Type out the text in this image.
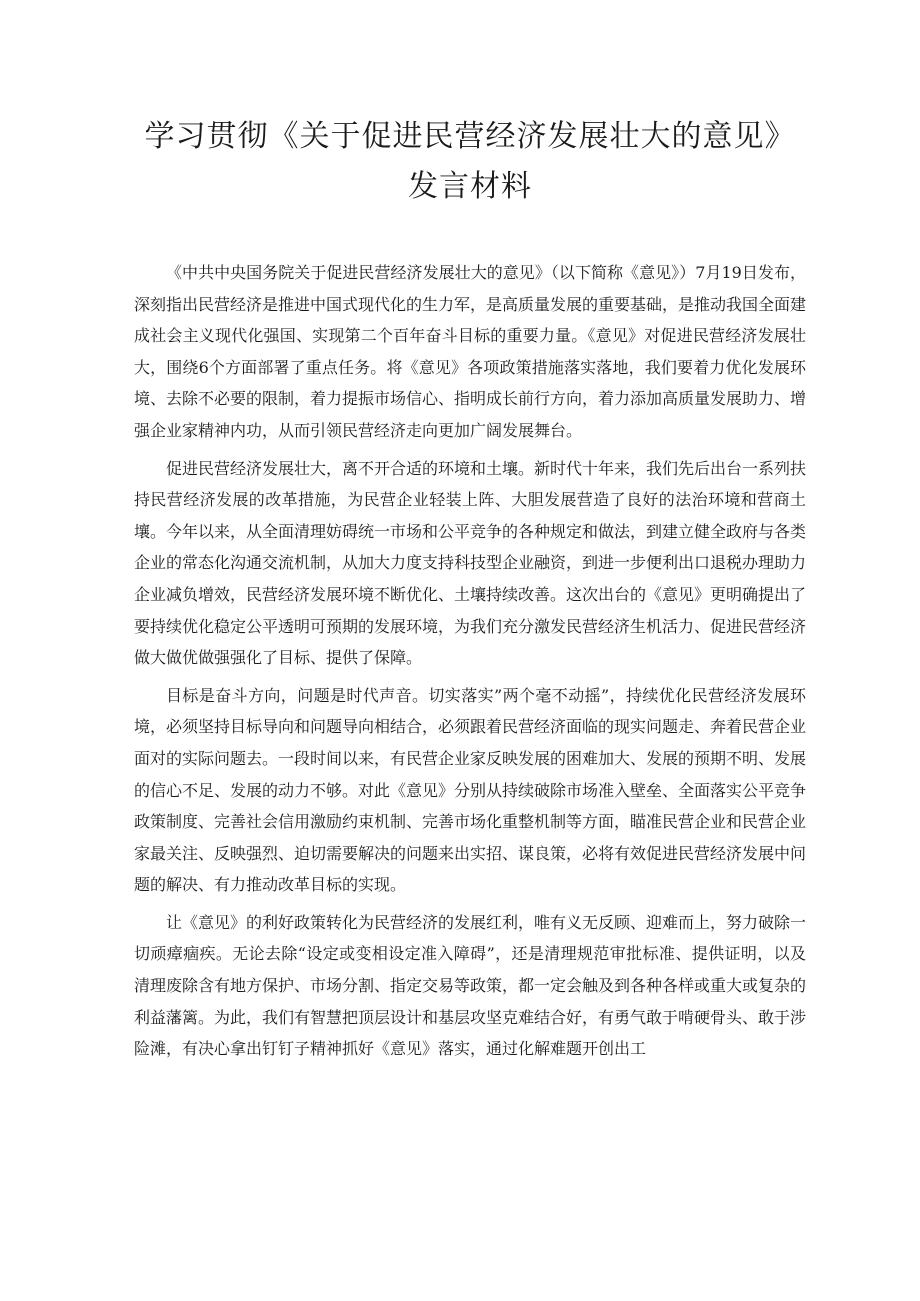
学习贯彻《关于促进民营经济发展壮大的意见》发言材料

《中共中央国务院关于促进民营经济发展壮大的意见》（以下简称《意见》）7月19日发布，深刻指出民营经济是推进中国式现代化的生力军，是高质量发展的重要基础，是推动我国全面建成社会主义现代化强国、实现第二个百年奋斗目标的重要力量。《意见》对促进民营经济发展壮大，围绕6个方面部署了重点任务。将《意见》各项政策措施落实落地，我们要着力优化发展环境、去除不必要的限制，着力提振市场信心、指明成长前行方向，着力添加高质量发展助力、增强企业家精神内功，从而引领民营经济走向更加广阔发展舞台。

促进民营经济发展壮大，离不开合适的环境和土壤。新时代十年来，我们先后出台一系列扶持民营经济发展的改革措施，为民营企业轻装上阵、大胆发展营造了良好的法治环境和营商土壤。今年以来，从全面清理妨碍统一市场和公平竞争的各种规定和做法，到建立健全政府与各类企业的常态化沟通交流机制，从加大力度支持科技型企业融资，到进一步便利出口退税办理助力企业减负增效，民营经济发展环境不断优化、土壤持续改善。这次出台的《意见》更明确提出了要持续优化稳定公平透明可预期的发展环境，为我们充分激发民营经济生机活力、促进民营经济做大做优做强强化了目标、提供了保障。

目标是奋斗方向，问题是时代声音。切实落实”两个毫不动摇”，持续优化民营经济发展环境，必须坚持目标导向和问题导向相结合，必须跟着民营经济面临的现实问题走、奔着民营企业面对的实际问题去。一段时间以来，有民营企业家反映发展的困难加大、发展的预期不明、发展的信心不足、发展的动力不够。对此《意见》分别从持续破除市场准入壁垒、全面落实公平竞争政策制度、完善社会信用激励约束机制、完善市场化重整机制等方面，瞄准民营企业和民营企业家最关注、反映强烈、迫切需要解决的问题来出实招、谋良策，必将有效促进民营经济发展中问题的解决、有力推动改革目标的实现。

让《意见》的利好政策转化为民营经济的发展红利，唯有义无反顾、迎难而上，努力破除一切顽瘴痼疾。无论去除“设定或变相设定准入障碍”，还是清理规范审批标准、提供证明，以及清理废除含有地方保护、市场分割、指定交易等政策，都一定会触及到各种各样或重大或复杂的利益藩篱。为此，我们有智慧把顶层设计和基层攻坚克难结合好，有勇气敢于啃硬骨头、敢于涉险滩，有决心拿出钉钉子精神抓好《意见》落实，通过化解难题开创出工
